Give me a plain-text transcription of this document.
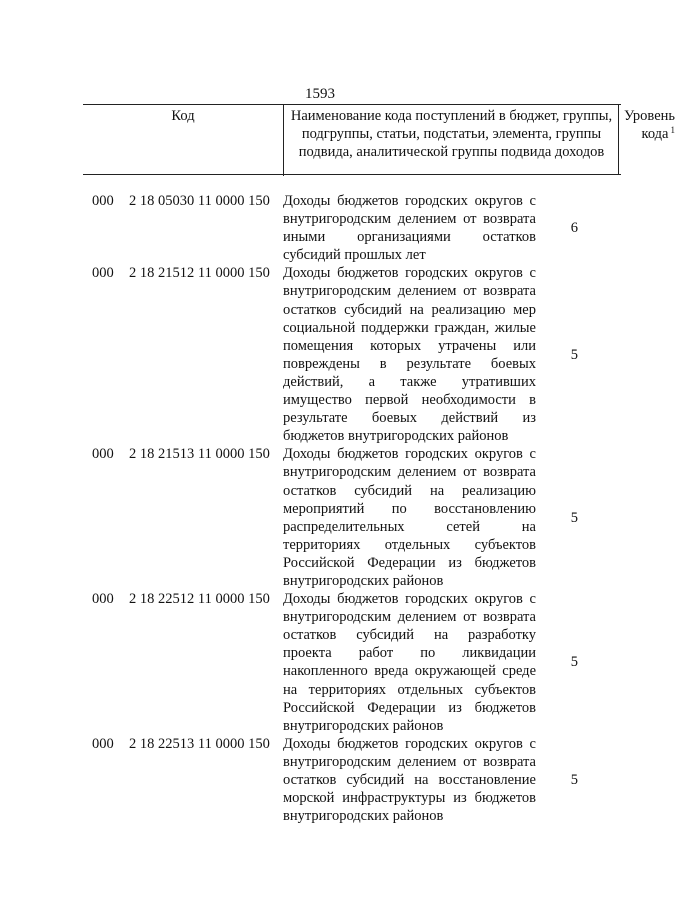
1593
Код	Наименование кода поступлений в бюджет, группы, подгруппы, статьи, подстатьи, элемента, группы подвида, аналитической группы подвида доходов
Уровень кода $^1$
000 2 18 05030 11 0000 150 Доходы бюджетов городских округов с внутригородским делением от возврата иными организациями остатков субсидий прошлых лет
6
000 2 18 21512 11 0000 150 Доходы бюджетов городских округов с внутригородским делением от возврата остатков субсидий на реализацию мер социальной поддержки граждан, жилые помещения которых утрачены или повреждены в результате боевых действий, а также утративших имущество первой необходимости в результате боевых действий из бюджетов внутригородских районов
5
000 2 18 21513 11 0000 150 Доходы бюджетов городских округов с внутригородским делением от возврата остатков субсидий на реализацию мероприятий по восстановлению распределительных сетей на территориях отдельных субъектов Российской Федерации из бюджетов внутригородских районов
5
000 2 18 22512 11 0000 150 Доходы бюджетов городских округов с внутригородским делением от возврата остатков субсидий на разработку проекта работ по ликвидации накопленного вреда окружающей среде на территориях отдельных субъектов Российской Федерации из бюджетов внутригородских районов
5
000 2 18 22513 11 0000 150 Доходы бюджетов городских округов с внутригородским делением от возврата остатков субсидий на восстановление морской инфраструктуры из бюджетов внутригородских районов
5
